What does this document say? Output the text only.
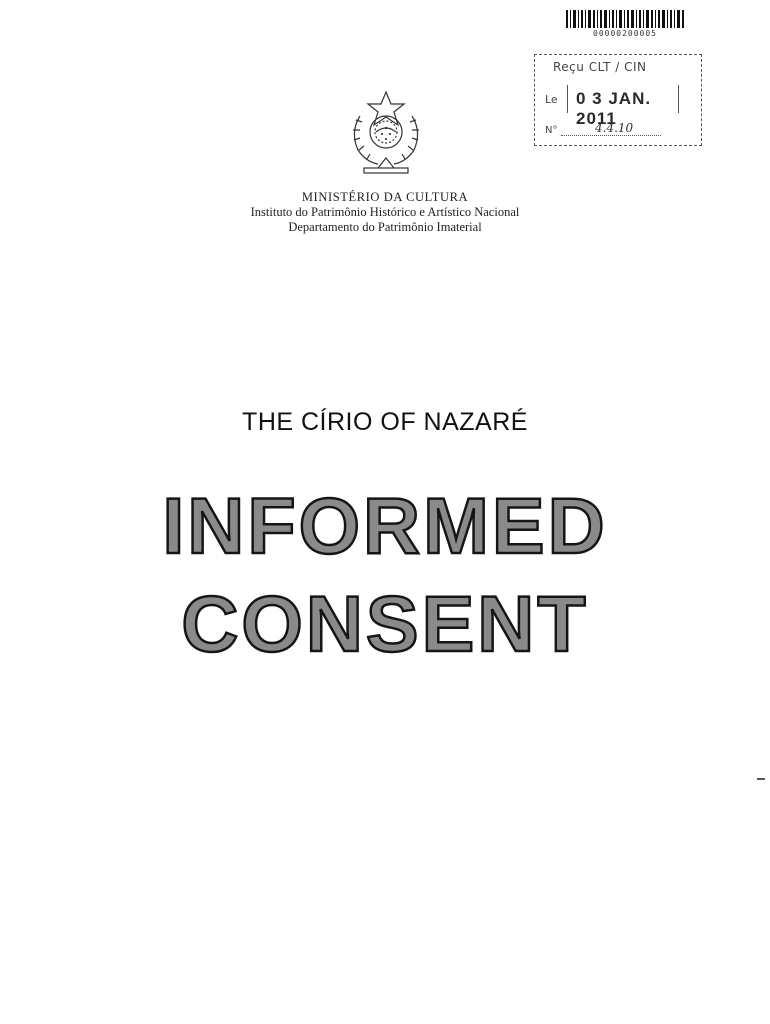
00000200005
Reçu CLT / CIN
Le 0 3 JAN. 2011
N°	4.4.10
MINISTÉRIO DA CULTURA
Instituto do Patrimônio Histórico e Artístico Nacional
Departamento do Patrimônio Imaterial
THE CÍRIO OF NAZARÉ
INFORMED
CONSENT
